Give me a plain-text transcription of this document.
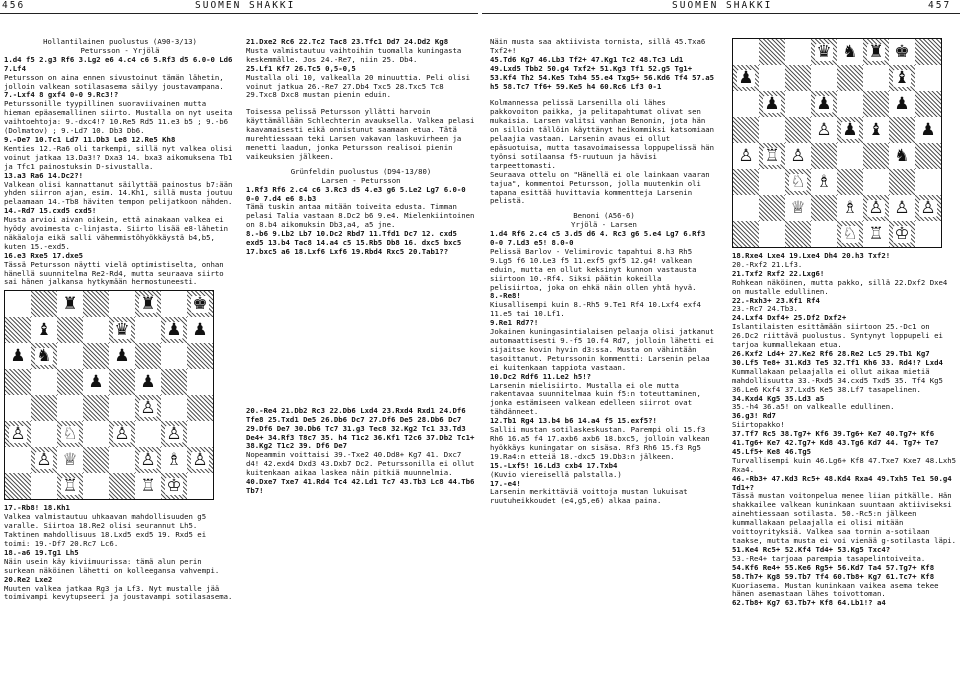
456	SUOMEN SHAKKI	SUOMEN SHAKKI	457

Hollantilainen puolustus (A90-3/13)

Petursson - Yrjölä

1.d4 f5 2.g3 Rf6 3.Lg2 e6 4.c4 c6 5.Rf3 d5 6.0-0 Ld6 7.Lf4

Petursson on aina ennen sivustoinut tämän lähetin, jolloin valkean sotilasasema säilyy joustavampana.

7.-Lxf4 8 gxf4 0-0 9.Rc3!?

Peturssonille tyypillinen suoraviivainen mutta hieman epäasemallinen siirto. Mustalla on nyt useita vaihtoehtoja: 9.-dxc4!? 10.Re5 Rd5 11.e3 b5 ; 9.-b6 (Dolmatov) ; 9.-Ld7 10. Db3 Db6.

9.-De7 10.Tc1 Ld7 11.Db3 Le8 12.Re5 Kh8

Kenties 12.-Ra6 oli tarkempi, sillä nyt valkea olisi voinut jatkaa 13.Da3!? Dxa3 14. bxa3 aikomuksena Tb1 ja Tfc1 painostuksin D-sivustalla.

13.a3 Ra6 14.Dc2?!

Valkean olisi kannattanut säilyttää painostus b7:ään yhden siirron ajan, esim. 14.Kh1, sillä musta joutuu pelaamaan 14.-Tb8 häviten tempon pelijatkoon nähden.

14.-Rd7 15.cxd5 cxd5!

Musta arvioi aivan oikein, että ainakaan valkea ei hyödy avoimesta c-linjasta. Siirto lisää e8-lähetin näkäaloja eikä salli vähemmistöhyökkäystä b4,b5, kuten 15.-exd5.

16.e3 Rxe5 17.dxe5

Tässä Petursson näytti vielä optimistiselta, onhan hänellä suunnitelma Re2-Rd4, mutta seuraava siirto sai hänen jalkansa hytkymään hermostuneesti.

♜	♜ ♚
♝	♛ ♟ ♟
♟ ♞	♟
♟ ♟
♙
♙ ♘ ♙ ♙
♙ ♕	♙ ♗ ♙
♖	♖ ♔

17.-Rb8! 18.Kh1

Valkea valmistautuu uhkaavan mahdollisuuden g5 varalle. Siirtoa 18.Re2 olisi seurannut Lh5. Taktinen mahdollisuus 18.Lxd5 exd5 19. Rxd5 ei toimi: 19.-Df7 20.Rc7 Lc6.

18.-a6 19.Tg1 Lh5

Näin usein käy kiviimuurissa: tämä alun perin surkean näköinen lähetti on kolleegansa vahvempi.

20.Re2 Lxe2

Muuten valkea jatkaa Rg3 ja Lf3. Nyt mustalle jää toimivampi kevytupseeri ja joustavampi sotilasasema.

21.Dxe2 Rc6 22.Tc2 Tac8 23.Tfc1 Dd7 24.Dd2 Kg8

Musta valmistautuu vaihtoihin tuomalla kuningasta keskemmälle. Jos 24.-Re7, niin 25. Db4.

25.Lf1 Kf7 26.Tc5 0,5-0,5

Mustalla oli 10, valkealla 20 minuuttia. Peli olisi voinut jatkua 26.-Re7 27.Db4 Txc5 28.Txc5 Tc8 29.Txc8 Dxc8 mustan pienin eduin.

Toisessa pelissä Petursson yllätti harvoin käyttämällään Schlechterin avauksella. Valkea pelasi kaavamaisesti eikä onnistunut saamaan etua. Tätä murehtiessaan teki Larsen vakavan laskuvirheen ja menetti laadun, jonka Petursson realisoi pienin vaikeuksien jälkeen.

Grünfeldin puolustus (D94-13/80)

Larsen - Petursson

1.Rf3 Rf6 2.c4 c6 3.Rc3 d5 4.e3 g6 5.Le2 Lg7 6.0-0 0-0 7.d4 e6 8.b3

Tämä tuskin antaa mitään toiveita edusta. Timman pelasi Talia vastaan 8.Dc2 b6 9.e4. Mielenkiintoinen on 8.b4 aikomuksin Db3,a4, a5 jne.

8.-b6 9.Lb2 Lb7 10.Dc2 Rbd7 11.Tfd1 Dc7 12. cxd5 exd5 13.b4 Tac8 14.a4 c5 15.Rb5 Db8 16. dxc5 bxc5 17.bxc5 a6 18.Lxf6 Lxf6 19.Rbd4 Rxc5 20.Tab1??

20.-Re4 21.Db2 Rc3 22.Db6 Lxd4 23.Rxd4 Rxd1 24.Df6 Tfe8 25.Txd1 De5 26.Db6 Dc7 27.Df6 De5 28.Db6 Dc7 29.Df6 De7 30.Db6 Tc7 31.g3 Tec8 32.Kg2 Tc1 33.Td3 De4+ 34.Rf3 T8c7 35. h4 T1c2 36.Kf1 T2c6 37.Db2 Tc1+ 38.Kg2 T1c2 39. Df6 De7

Nopeammin voittaisi 39.-Txe2 40.Dd8+ Kg7 41. Dxc7 d4! 42.exd4 Dxd3 43.Dxb7 Dc2. Peturssonilla ei ollut kuitenkaan aikaa laskea näin pitkiä muunnelmia.

40.Dxe7 Txe7 41.Rd4 Tc4 42.Ld1 Tc7 43.Tb3 Lc8 44.Tb6 Tb7!

Näin musta saa aktiivista tornista, sillä 45.Txa6 Txf2+!

45.Td6 Kg7 46.Lb3 Tf2+ 47.Kg1 Tc2 48.Tc3 Ld1 49.Lxd5 Tbb2 50.g4 Txf2+ 51.Kg3 Tf1 52.g5 Tg1+ 53.Kf4 Th2 54.Ke5 Txh4 55.e4 Txg5+ 56.Kd6 Tf4 57.a5 h5 58.Tc7 Tf6+ 59.Ke5 h4 60.Rc6 Lf3 0-1

Kolmannessa pelissä Larsenilla oli lähes pakkovoiton paikka, ja pelitapahtumat olivat sen mukaisia. Larsen valitsi vanhan Benonin, jota hän on silloin tällöin käyttänyt heikommiksi katsomiaan pelaajia vastaan. Larsenin avaus ei ollut epäsuotuisa, mutta tasavoimaisessa loppupelissä hän työnsi sotilaansa f5-ruutuun ja hävisi tarpeettomasti.

Seuraava ottelu on "Hänellä ei ole lainkaan vaaran tajua", kommentoi Petursson, jolla muutenkin oli tapana esittää huvittavia kommentteja Larsenin pelistä.

Benoni (A56-6)

Yrjölä - Larsen

1.d4 Rf6 2.c4 c5 3.d5 d6 4. Rc3 g6 5.e4 Lg7 6.Rf3 0-0 7.Ld3 e5! 8.0-0

Pelissä Barlov - Velimirovic tapahtui 8.h3 Rh5 9.Lg5 f6 10.Le3 f5 11.exf5 gxf5 12.g4! valkean eduin, mutta en ollut keksinyt kunnon vastausta siirtoon 10.-Rf4. Siksi päätin kokeilla pelisiirtoa, joka on ehkä näin ollen yhtä hyvä.

8.-Re8!

Kiusallisempi kuin 8.-Rh5 9.Te1 Rf4 10.Lxf4 exf4 11.e5 tai 10.Lf1.

9.Re1 Rd7?!

Jokainen kuningasintialaisen pelaaja olisi jatkanut automaattisesti 9.-f5 10.f4 Rd7, jolloin lähetti ei sijaitse kovin hyvin d3:ssa. Musta on vähintään tasoittanut. Peturssonin kommentti: Larsenin pelaa ei kuitenkaan tappiota vastaan.

10.Dc2 Rdf6 11.Le2 h5!?

Larsenin mielisiirto. Mustalla ei ole mutta rakentavaa suunnitelmaa kuin f5:n toteuttaminen, jonka estämiseen valkean edelleen siirrot ovat tähdänneet.

12.Tb1 Rg4 13.b4 b6 14.a4 f5 15.exf5?!

Sallii mustan sotilaskeskustan. Parempi oli 15.f3 Rh6 16.a5 f4 17.axb6 axb6 18.bxc5, jolloin valkean hyökkäys kuningatar on sisäsa. Rf3 Rh6 15.f3 Rg5 19.Ra4:n etteiä 18.-dxc5 19.Db3:n jälkeen.

15.-Lxf5! 16.Ld3 cxb4 17.Txb4

(Kuvio viereisellä palstalla.)

17.-e4!

Larsenin merkittäviä voittoja mustan lukuisat ruutuheikkoudet (e4,g5,e6) alkaa paina.

♛ ♞ ♜ ♚
♟	♝
♟ ♟	♟
♙ ♟ ♝ ♟
♙ ♖ ♙	♞
♘ ♗
♕ ♗ ♙ ♙ ♙
♘ ♖ ♔

18.Rxe4 Lxe4 19.Lxe4 Dh4 20.h3 Txf2!

20.-Rxf2 21.Lf3.

21.Txf2 Rxf2 22.Lxg6!

Rohkean näköinen, mutta pakko, sillä 22.Dxf2 Dxe4 on mustalle edullinen.

22.-Rxh3+ 23.Kf1 Rf4

23.-Rc7 24.Tb3.

24.Lxf4 Dxf4+ 25.Df2 Dxf2+

Islantilaisten esittämään siirtoon 25.-Dc1 on 26.Dc2 riittävä puolustus. Syntynyt loppupeli ei tarjoa kummallekaan etua.

26.Kxf2 Ld4+ 27.Ke2 Rf6 28.Re2 Lc5 29.Tb1 Kg7 30.Lf5 Te8+ 31.Kd3 Te5 32.Tf1 Kh6 33. Rd4!? Lxd4

Kummallakaan pelaajalla ei ollut aikaa mietiä mahdollisuutta 33.-Rxd5 34.cxd5 Txd5 35. Tf4 Kg5 36.Le6 Kxf4 37.Lxd5 Ke5 38.Lf7 tasapelinen.

34.Kxd4 Kg5 35.Ld3 a5

35.-h4 36.a5! on valkealle edullinen.

36.g3! Rd7

Siirtopakko!

37.Tf7 Rc5 38.Tg7+ Kf6 39.Tg6+ Ke7 40.Tg7+ Kf6 41.Tg6+ Ke7 42.Tg7+ Kd8 43.Tg6 Kd7 44. Tg7+ Te7 45.Lf5+ Ke8 46.Tg5

Turvallisempi kuin 46.Lg6+ Kf8 47.Txe7 Kxe7 48.Lxh5 Rxa4.

46.-Rb3+ 47.Kd3 Rc5+ 48.Kd4 Rxa4 49.Txh5 Te1 50.g4 Td1+?

Tässä mustan voitonpelua menee liian pitkälle. Hän shakkailee valkean kuninkaan suuntaan aktiiviseksi ainehtiessaan sotilasta. 50.-Rc5:n jälkeen kummallakaan pelaajalla ei olisi mitään voittoyrityksiä. Valkea saa tornin a-sotilaan taakse, mutta musta ei voi vienää g-sotilasta läpi.

51.Ke4 Rc5+ 52.Kf4 Td4+ 53.Kg5 Txc4?

53.-Re4+ tarjoaa parempia tasapelintoiveita.

54.Kf6 Re4+ 55.Ke6 Rg5+ 56.Kd7 Ta4 57.Tg7+ Kf8 58.Th7+ Kg8 59.Tb7 Tf4 60.Tb8+ Kg7 61.Tc7+ Kf8

Kuoriasema. Mustan kuninkaan vaikea asema tekee hänen asemastaan lähes toivottoman.

62.Tb8+ Kg7 63.Tb7+ Kf8 64.Lb1!? a4
